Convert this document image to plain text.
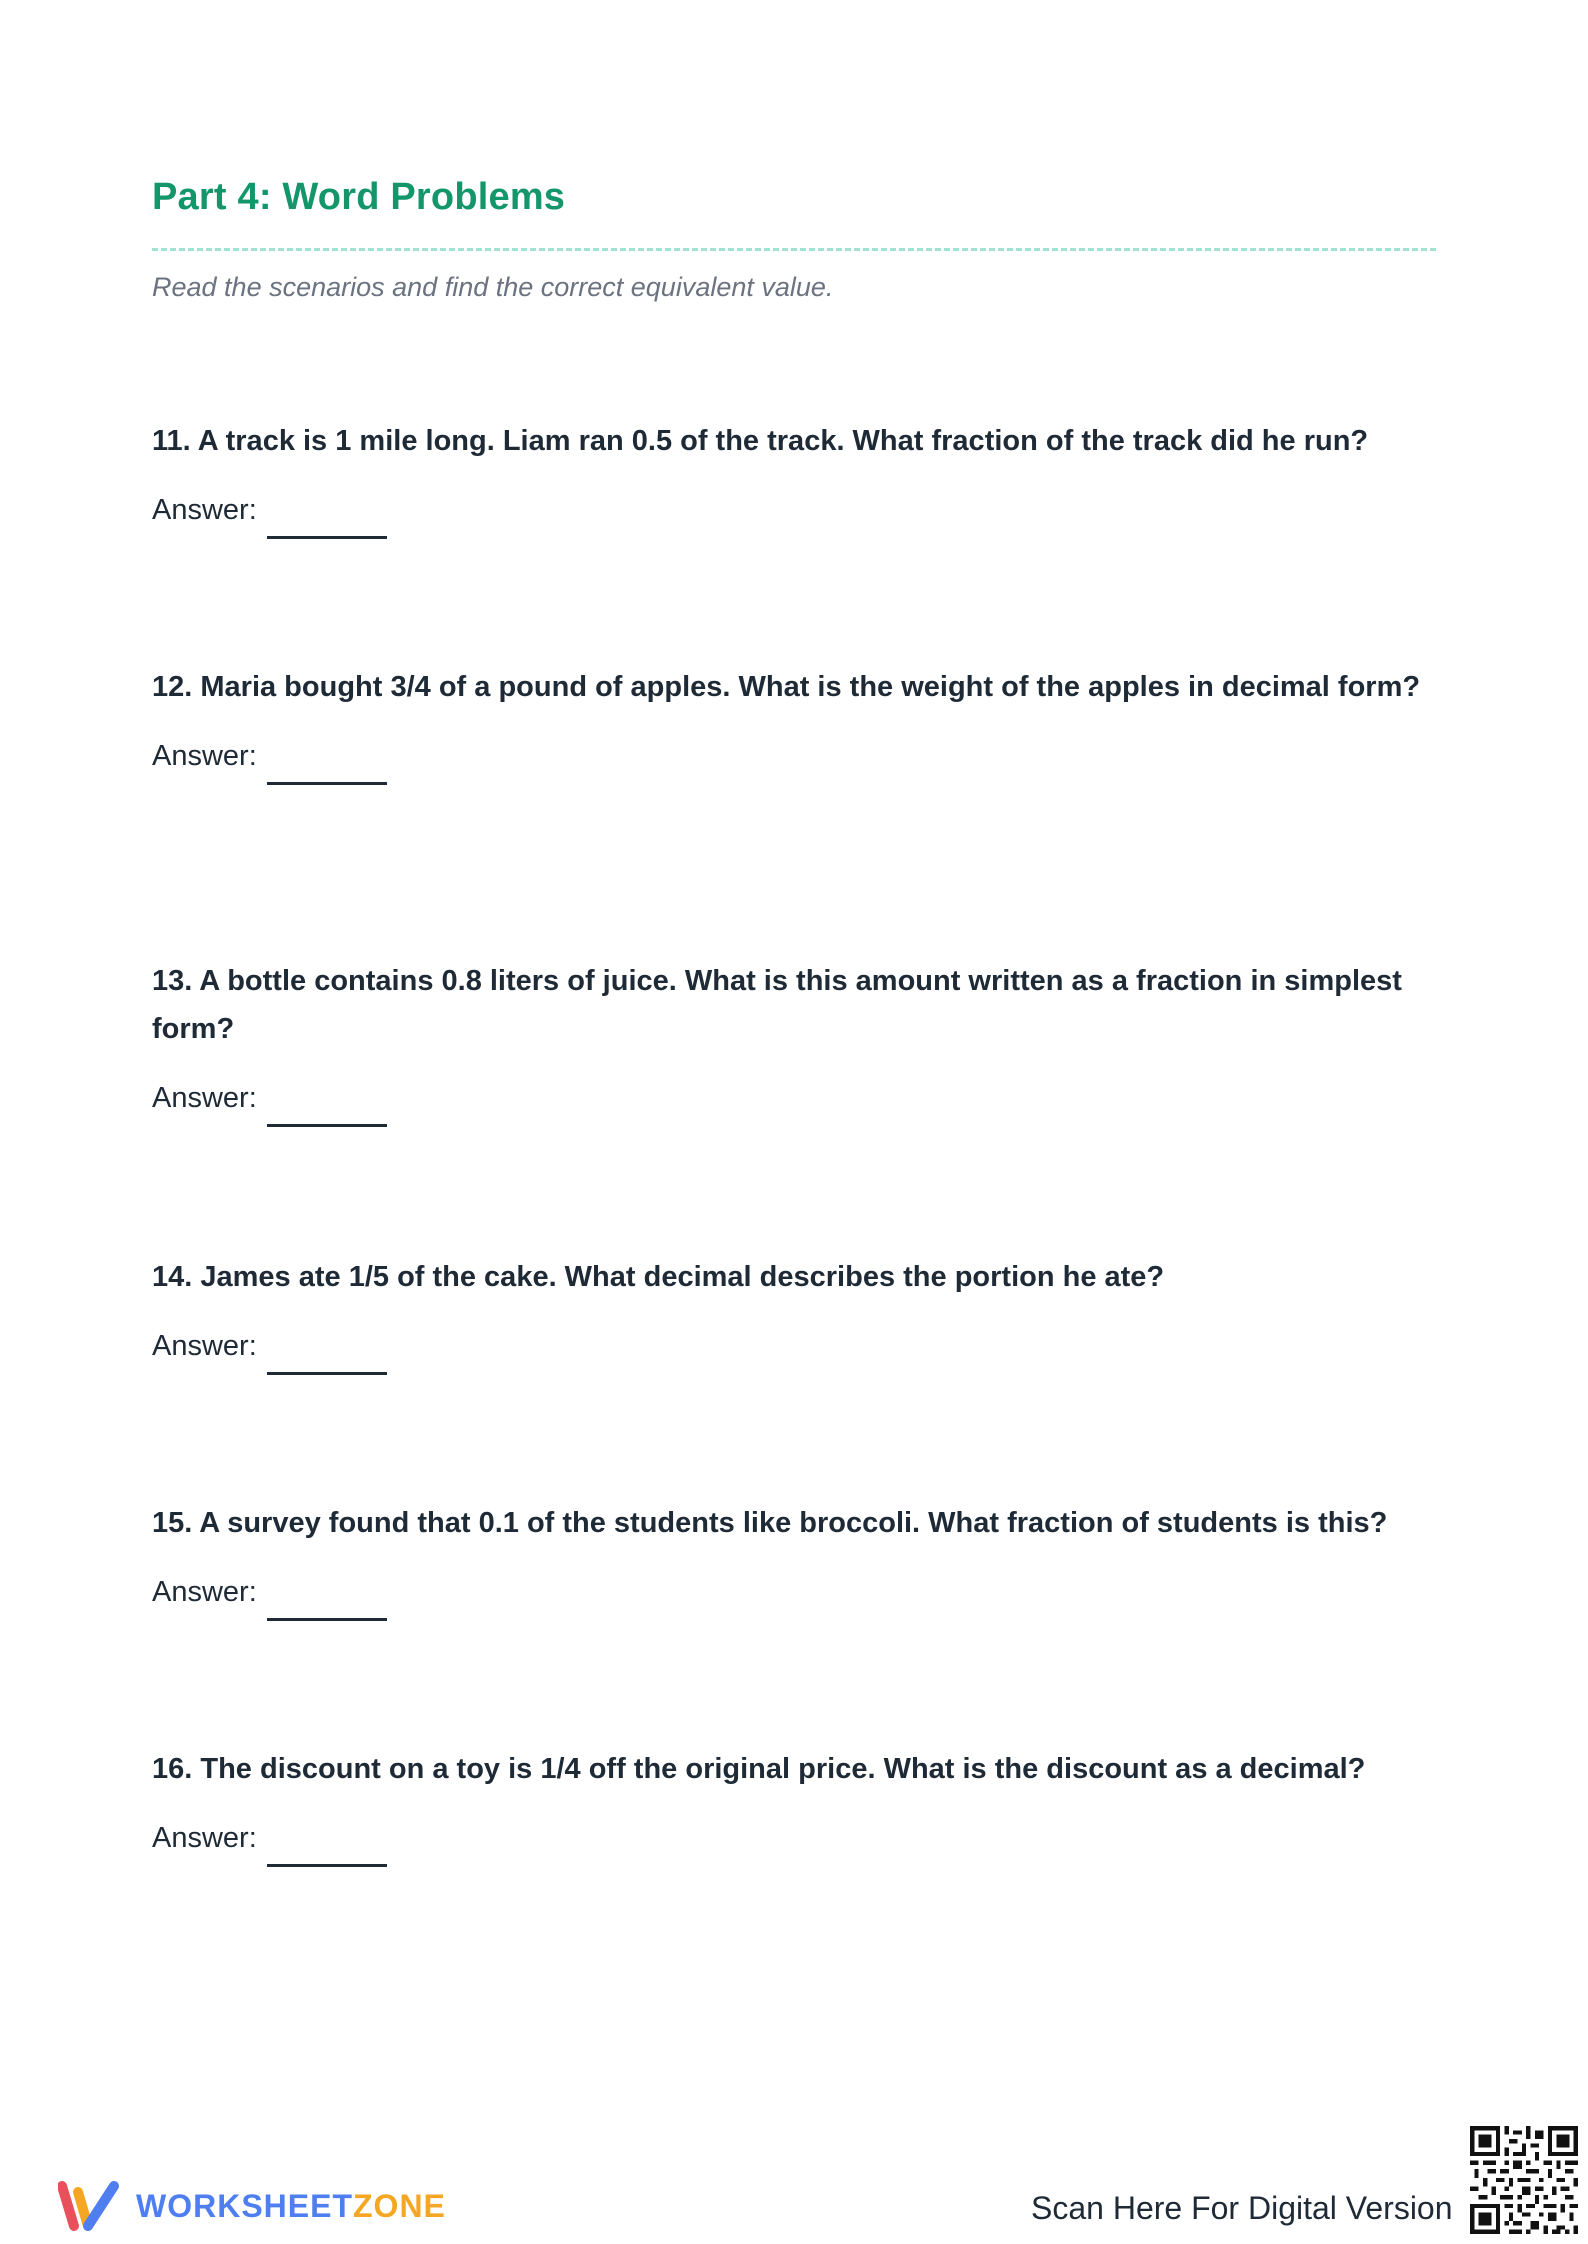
Part 4: Word Problems

Read the scenarios and find the correct equivalent value.

11. A track is 1 mile long. Liam ran 0.5 of the track. What fraction of the track did he run?

Answer:

12. Maria bought 3/4 of a pound of apples. What is the weight of the apples in decimal form?

Answer:

13. A bottle contains 0.8 liters of juice. What is this amount written as a fraction in simplest form?

Answer:

14. James ate 1/5 of the cake. What decimal describes the portion he ate?

Answer:

15. A survey found that 0.1 of the students like broccoli. What fraction of students is this?

Answer:

16. The discount on a toy is 1/4 off the original price. What is the discount as a decimal?

Answer:
WORKSHEETZONE	Scan Here For Digital Version
